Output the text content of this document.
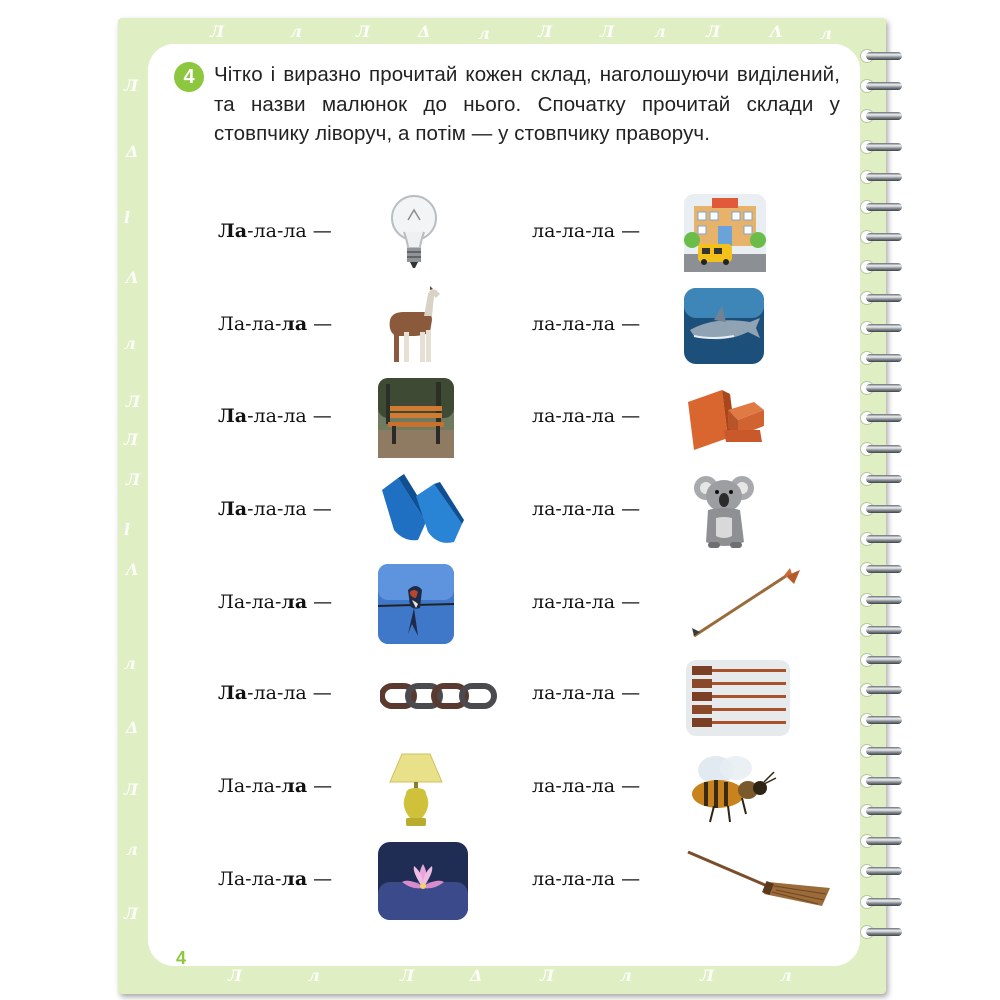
Л
Δ
l
Λ
л
Л
Л
Л
l
Λ
л
Δ
Л
л
Л
Л	л	Л	Δ	л	Л	Л л	Л	Λ л
Л	л	Л	Δ	Л	л	Л	л
4 Чітко і виразно прочитай кожен склад, наголошуючи виділений, та назви малюнок до нього. Спочатку прочитай склади у стовпчику ліворуч, а потім — у стовпчику праворуч.
Ла-ла-ла —
Ла-ла-ла —
Ла-ла-ла —
Ла-ла-ла —
Ла-ла-ла —
Ла-ла-ла —
Ла-ла-ла —
Ла-ла-ла —
ла-ла-ла —
ла-ла-ла —
ла-ла-ла —
ла-ла-ла —
ла-ла-ла —
ла-ла-ла —
ла-ла-ла —
ла-ла-ла —
4
